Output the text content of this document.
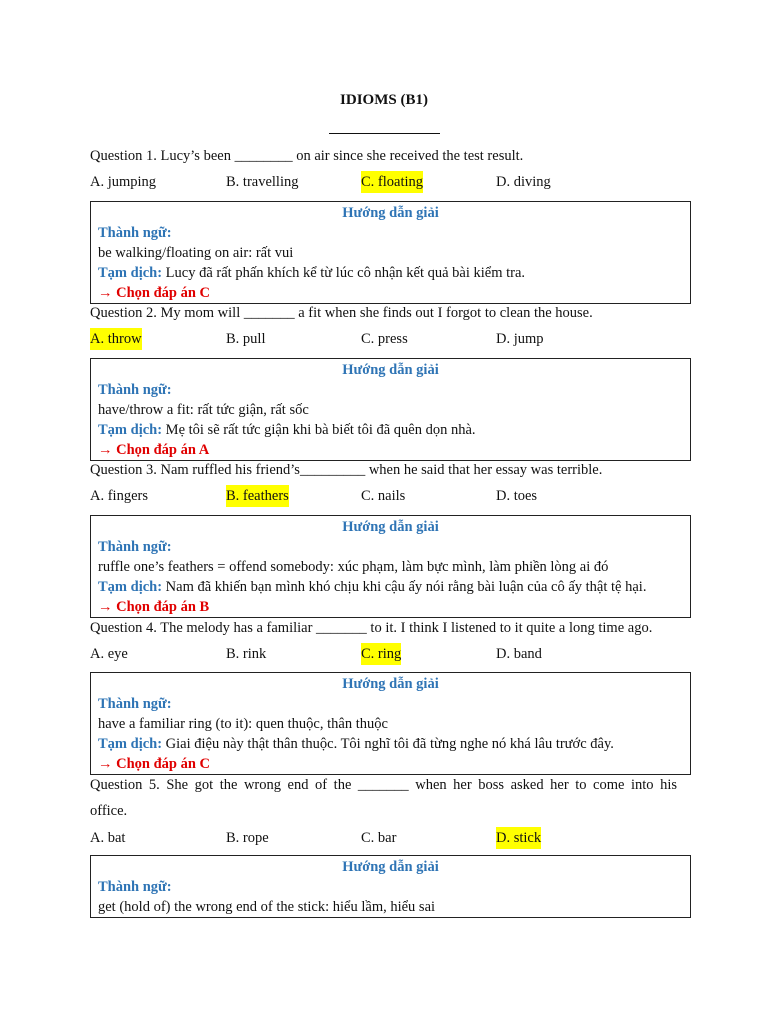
IDIOMS (B1)
Question 1. Lucy’s been ________ on air since she received the test result.
A. jumping	B. travelling	C. floating	D. diving
Hướng dẫn giải
Thành ngữ:
be walking/floating on air: rất vui
Tạm dịch: Lucy đã rất phấn khích kể từ lúc cô nhận kết quả bài kiểm tra.
→ Chọn đáp án C
Question 2. My mom will _______ a fit when she finds out I forgot to clean the house.
A. throw	B. pull	C. press	D. jump
Hướng dẫn giải
Thành ngữ:
have/throw a fit: rất tức giận, rất sốc
Tạm dịch: Mẹ tôi sẽ rất tức giận khi bà biết tôi đã quên dọn nhà.
→ Chọn đáp án A
Question 3. Nam ruffled his friend’s_________ when he said that her essay was terrible.
A. fingers	B. feathers	C. nails	D. toes
Hướng dẫn giải
Thành ngữ:
ruffle one’s feathers = offend somebody: xúc phạm, làm bực mình, làm phiền lòng ai đó
Tạm dịch: Nam đã khiến bạn mình khó chịu khi cậu ấy nói rằng bài luận của cô ấy thật tệ hại.
→ Chọn đáp án B
Question 4. The melody has a familiar _______ to it. I think I listened to it quite a long time ago.
A. eye	B. rink	C. ring	D. band
Hướng dẫn giải
Thành ngữ:
have a familiar ring (to it): quen thuộc, thân thuộc
Tạm dịch: Giai điệu này thật thân thuộc. Tôi nghĩ tôi đã từng nghe nó khá lâu trước đây.
→ Chọn đáp án C
Question 5. She got the wrong end of the _______ when her boss asked her to come into his
office.
A. bat	B. rope	C. bar	D. stick
Hướng dẫn giải
Thành ngữ:
get (hold of) the wrong end of the stick: hiểu lầm, hiểu sai
